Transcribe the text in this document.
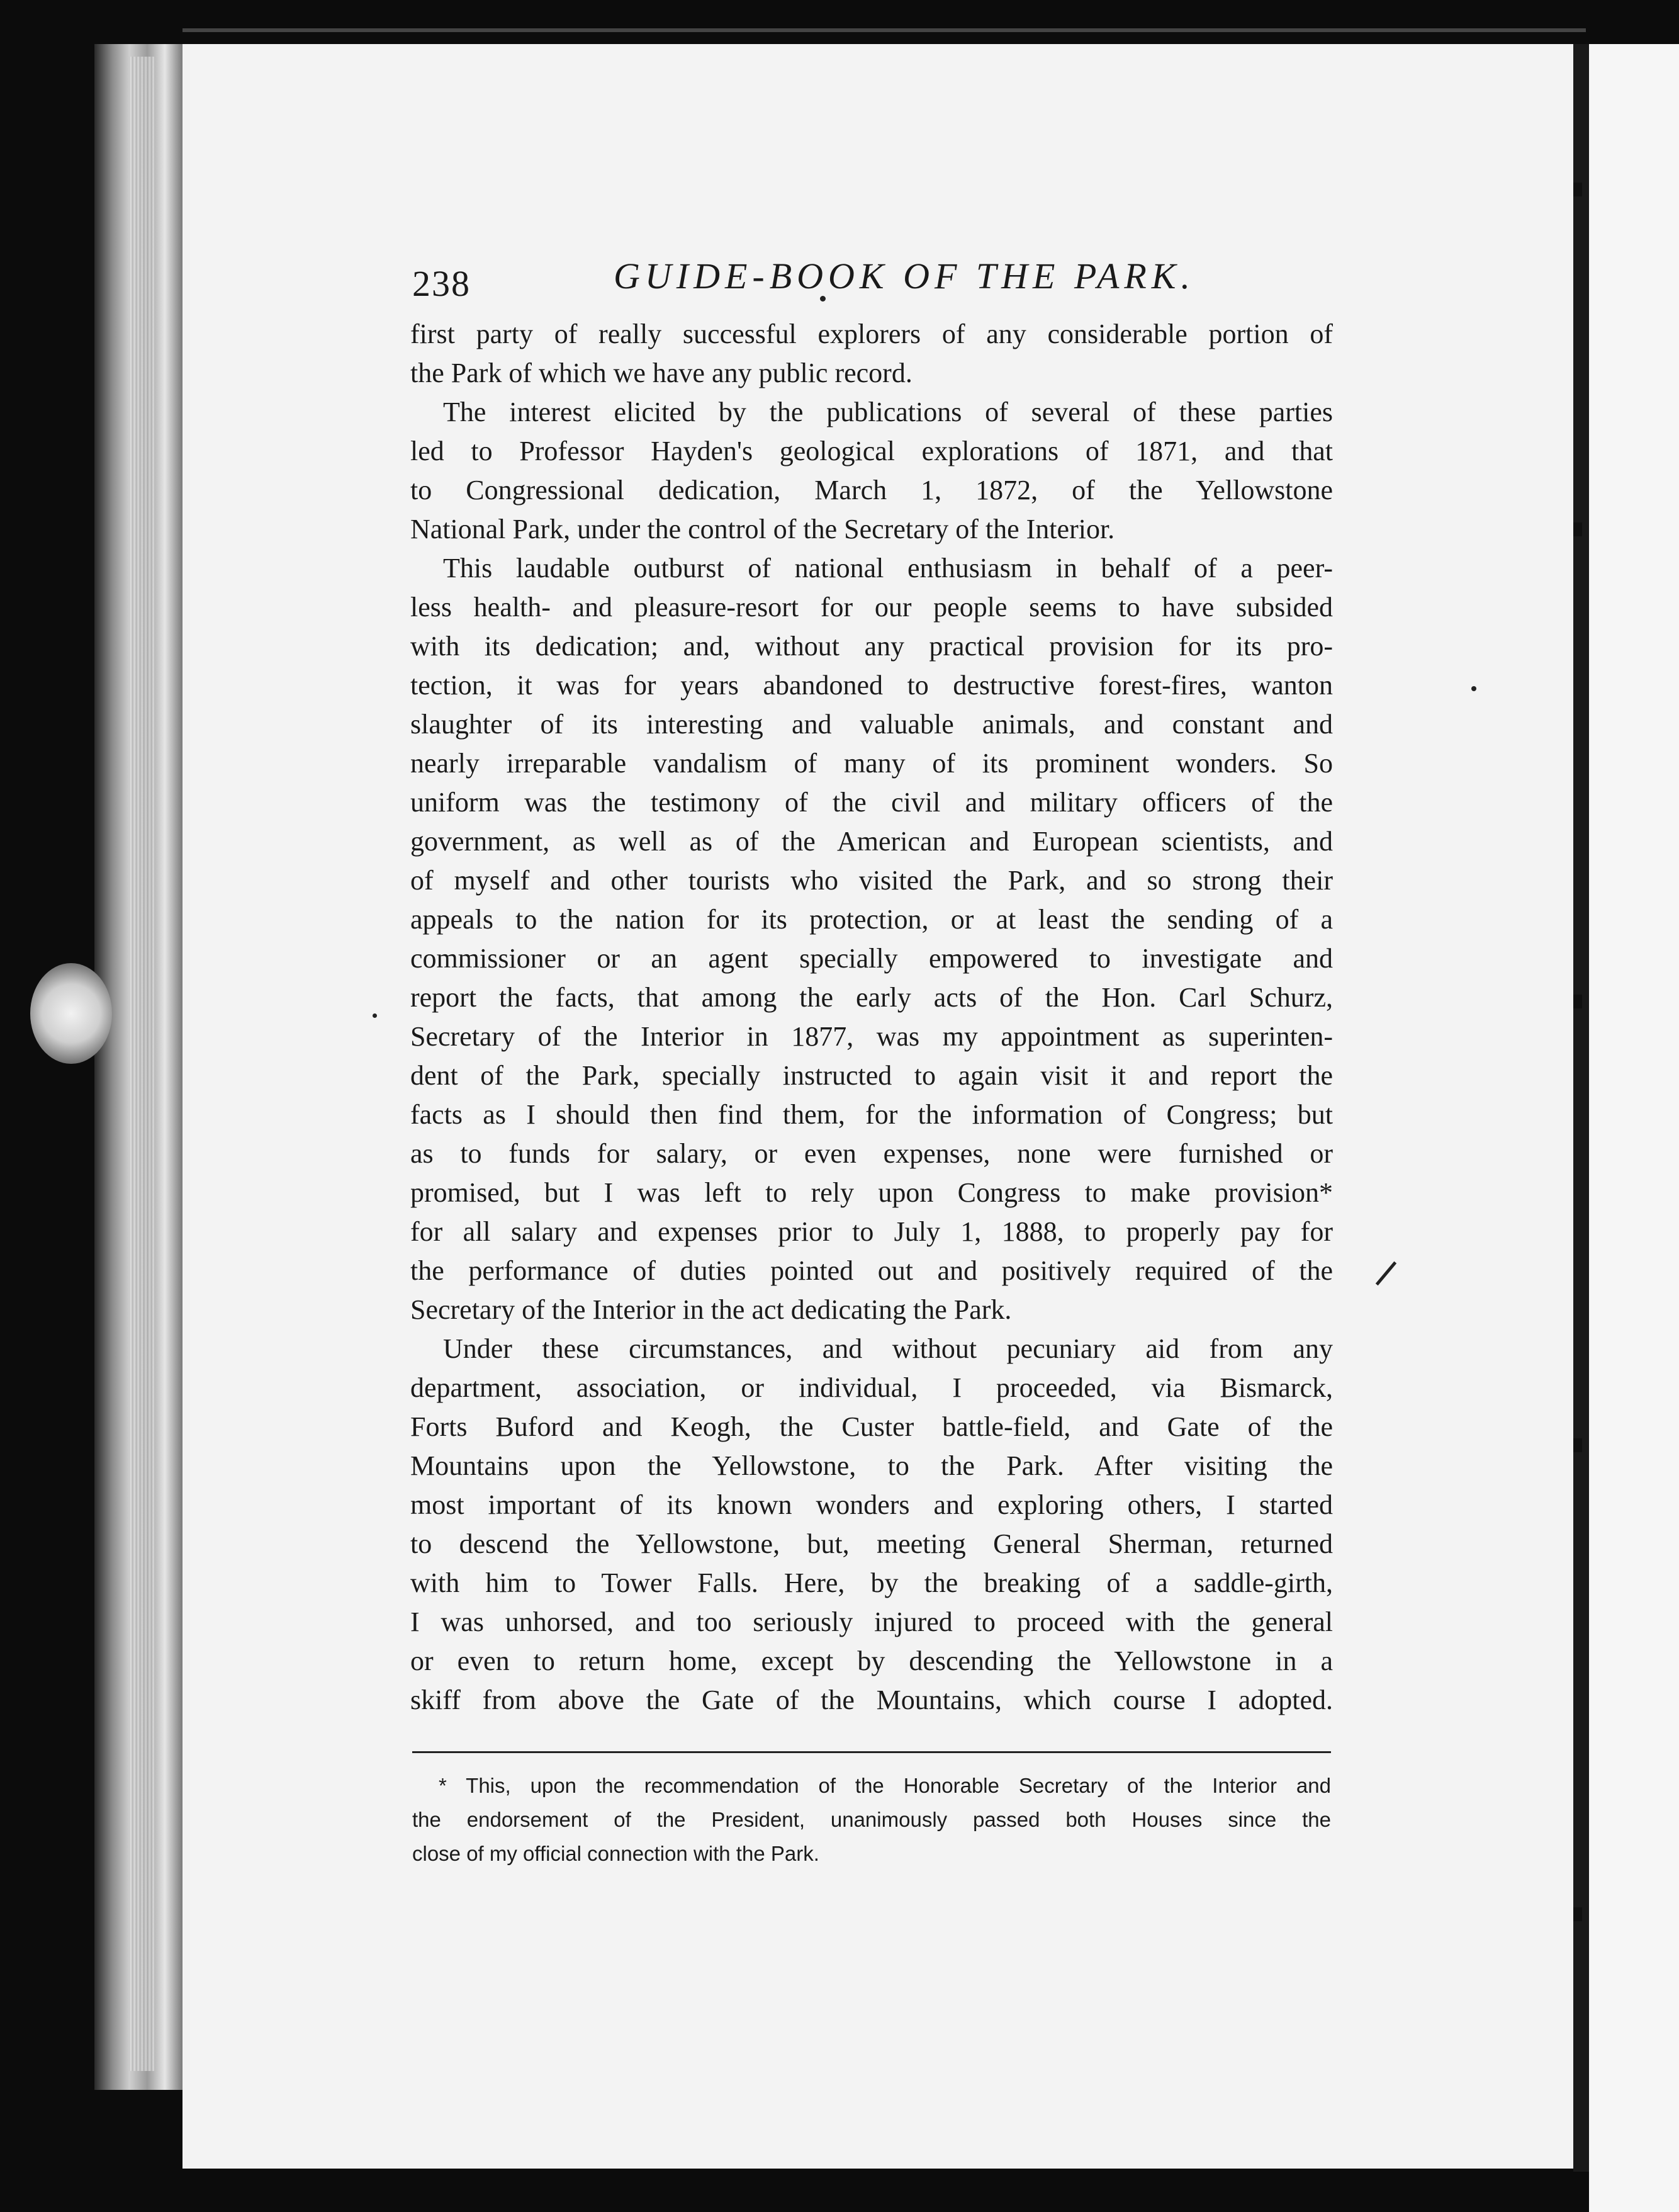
238	GUIDE-BOOK OF THE PARK.
first party of really successful explorers of any considerable portion of
the Park of which we have any public record.
The interest elicited by the publications of several of these parties
led to Professor Hayden's geological explorations of 1871, and that
to Congressional dedication, March 1, 1872, of the Yellowstone
National Park, under the control of the Secretary of the Interior.
This laudable outburst of national enthusiasm in behalf of a peer-
less health- and pleasure-resort for our people seems to have subsided
with its dedication; and, without any practical provision for its pro-
tection, it was for years abandoned to destructive forest-fires, wanton
slaughter of its interesting and valuable animals, and constant and
nearly irreparable vandalism of many of its prominent wonders. So
uniform was the testimony of the civil and military officers of the
government, as well as of the American and European scientists, and
of myself and other tourists who visited the Park, and so strong their
appeals to the nation for its protection, or at least the sending of a
commissioner or an agent specially empowered to investigate and
report the facts, that among the early acts of the Hon. Carl Schurz,
Secretary of the Interior in 1877, was my appointment as superinten-
dent of the Park, specially instructed to again visit it and report the
facts as I should then find them, for the information of Congress; but
as to funds for salary, or even expenses, none were furnished or
promised, but I was left to rely upon Congress to make provision*
for all salary and expenses prior to July 1, 1888, to properly pay for
the performance of duties pointed out and positively required of the
Secretary of the Interior in the act dedicating the Park.
Under these circumstances, and without pecuniary aid from any
department, association, or individual, I proceeded, via Bismarck,
Forts Buford and Keogh, the Custer battle-field, and Gate of the
Mountains upon the Yellowstone, to the Park. After visiting the
most important of its known wonders and exploring others, I started
to descend the Yellowstone, but, meeting General Sherman, returned
with him to Tower Falls. Here, by the breaking of a saddle-girth,
I was unhorsed, and too seriously injured to proceed with the general
or even to return home, except by descending the Yellowstone in a
skiff from above the Gate of the Mountains, which course I adopted.
* This, upon the recommendation of the Honorable Secretary of the Interior and
the endorsement of the President, unanimously passed both Houses since the
close of my official connection with the Park.
